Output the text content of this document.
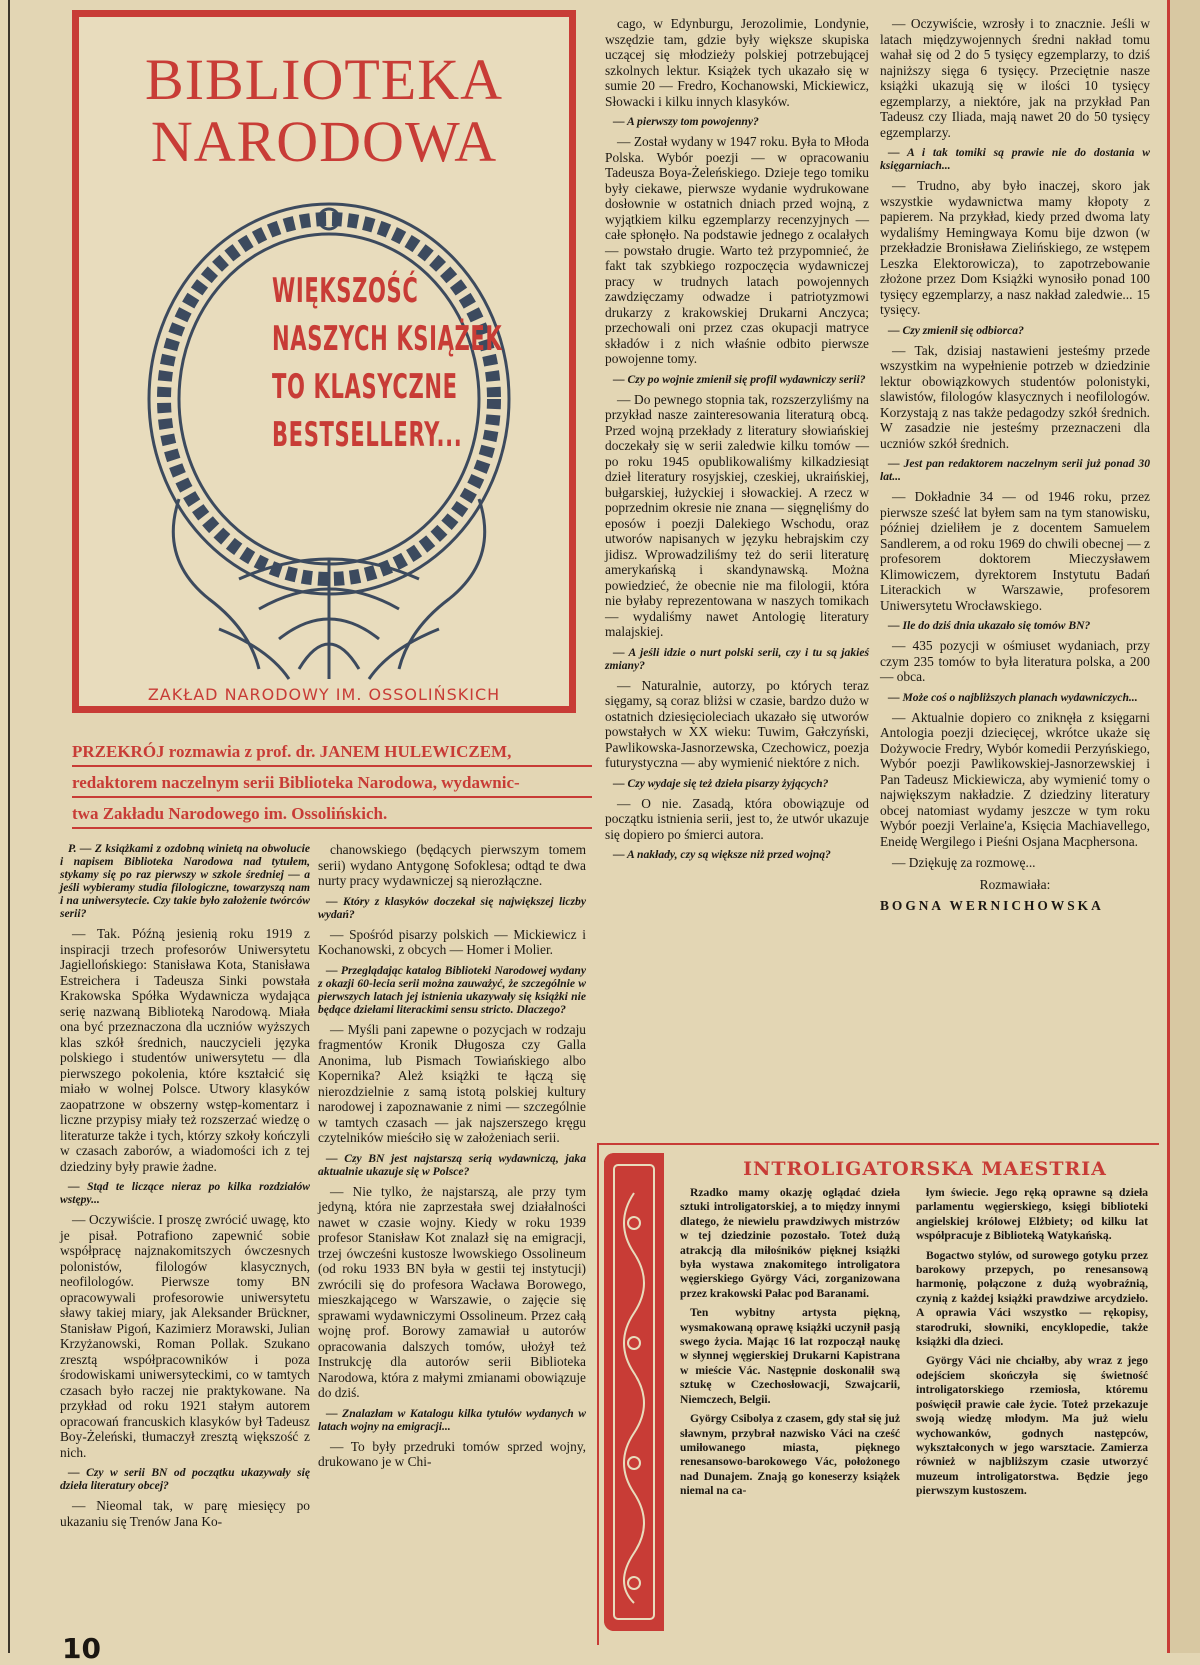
BIBLIOTEKA
NARODOWA
WIĘKSZOŚĆ
NASZYCH KSIĄŻEK
TO KLASYCZNE
BESTSELLERY...
ZAKŁAD NARODOWY IM. OSSOLIŃSKICH
PRZEKRÓJ rozmawia z prof. dr. JANEM HULEWICZEM,
redaktorem naczelnym serii Biblioteka Narodowa, wydawnic-
twa Zakładu Narodowego im. Ossolińskich.

P. — Z książkami z ozdobną winietą na obwolucie i napisem Biblioteka Narodowa nad tytułem, stykamy się po raz pierwszy w szkole średniej — a jeśli wybieramy studia filologiczne, towarzyszą nam i na uniwersytecie. Czy takie było założenie twórców serii?

— Tak. Późną jesienią roku 1919 z inspiracji trzech profesorów Uniwersytetu Jagiellońskiego: Stanisława Kota, Stanisława Estreichera i Tadeusza Sinki powstała Krakowska Spółka Wydawnicza wydająca serię nazwaną Biblioteką Narodową. Miała ona być przeznaczona dla uczniów wyższych klas szkół średnich, nauczycieli języka polskiego i studentów uniwersytetu — dla pierwszego pokolenia, które kształcić się miało w wolnej Polsce. Utwory klasyków zaopatrzone w obszerny wstęp-komentarz i liczne przypisy miały też rozszerzać wiedzę o literaturze także i tych, którzy szkoły kończyli w czasach zaborów, a wiadomości ich z tej dziedziny były prawie żadne.

— Stąd te liczące nieraz po kilka rozdziałów wstępy...

— Oczywiście. I proszę zwrócić uwagę, kto je pisał. Potrafiono zapewnić sobie współpracę najznakomitszych ówczesnych polonistów, filologów klasycznych, neofilologów. Pierwsze tomy BN opracowywali profesorowie uniwersytetu sławy takiej miary, jak Aleksander Brückner, Stanisław Pigoń, Kazimierz Morawski, Julian Krzyżanowski, Roman Pollak. Szukano zresztą współpracowników i poza środowiskami uniwersyteckimi, co w tamtych czasach było raczej nie praktykowane. Na przykład od roku 1921 stałym autorem opracowań francuskich klasyków był Tadeusz Boy-Żeleński, tłumaczył zresztą większość z nich.

— Czy w serii BN od początku ukazywały się dzieła literatury obcej?

— Nieomal tak, w parę miesięcy po ukazaniu się Trenów Jana Ko-

chanowskiego (będących pierwszym tomem serii) wydano Antygonę Sofoklesa; odtąd te dwa nurty pracy wydawniczej są nierozłączne.

— Który z klasyków doczekał się największej liczby wydań?

— Spośród pisarzy polskich — Mickiewicz i Kochanowski, z obcych — Homer i Molier.

— Przeglądając katalog Biblioteki Narodowej wydany z okazji 60-lecia serii można zauważyć, że szczególnie w pierwszych latach jej istnienia ukazywały się książki nie będące dziełami literackimi sensu stricto. Dlaczego?

— Myśli pani zapewne o pozycjach w rodzaju fragmentów Kronik Długosza czy Galla Anonima, lub Pismach Towiańskiego albo Kopernika? Ależ książki te łączą się nierozdzielnie z samą istotą polskiej kultury narodowej i zapoznawanie z nimi — szczególnie w tamtych czasach — jak najszerszego kręgu czytelników mieściło się w założeniach serii.

— Czy BN jest najstarszą serią wydawniczą, jaka aktualnie ukazuje się w Polsce?

— Nie tylko, że najstarszą, ale przy tym jedyną, która nie zaprzestała swej działalności nawet w czasie wojny. Kiedy w roku 1939 profesor Stanisław Kot znalazł się na emigracji, trzej ówcześni kustosze lwowskiego Ossolineum (od roku 1933 BN była w gestii tej instytucji) zwrócili się do profesora Wacława Borowego, mieszkającego w Warszawie, o zajęcie się sprawami wydawniczymi Ossolineum. Przez całą wojnę prof. Borowy zamawiał u autorów opracowania dalszych tomów, ułożył też Instrukcję dla autorów serii Biblioteka Narodowa, która z małymi zmianami obowiązuje do dziś.

— Znalazłam w Katalogu kilka tytułów wydanych w latach wojny na emigracji...

— To były przedruki tomów sprzed wojny, drukowano je w Chi-

cago, w Edynburgu, Jerozolimie, Londynie, wszędzie tam, gdzie były większe skupiska uczącej się młodzieży polskiej potrzebującej szkolnych lektur. Książek tych ukazało się w sumie 20 — Fredro, Kochanowski, Mickiewicz, Słowacki i kilku innych klasyków.

— A pierwszy tom powojenny?

— Został wydany w 1947 roku. Była to Młoda Polska. Wybór poezji — w opracowaniu Tadeusza Boya-Żeleńskiego. Dzieje tego tomiku były ciekawe, pierwsze wydanie wydrukowane dosłownie w ostatnich dniach przed wojną, z wyjątkiem kilku egzemplarzy recenzyjnych — całe spłonęło. Na podstawie jednego z ocalałych — powstało drugie. Warto też przypomnieć, że fakt tak szybkiego rozpoczęcia wydawniczej pracy w trudnych latach powojennych zawdzięczamy odwadze i patriotyzmowi drukarzy z krakowskiej Drukarni Anczyca; przechowali oni przez czas okupacji matryce składów i z nich właśnie odbito pierwsze powojenne tomy.

— Czy po wojnie zmienił się profil wydawniczy serii?

— Do pewnego stopnia tak, rozszerzyliśmy na przykład nasze zainteresowania literaturą obcą. Przed wojną przekłady z literatury słowiańskiej doczekały się w serii zaledwie kilku tomów — po roku 1945 opublikowaliśmy kilkadziesiąt dzieł literatury rosyjskiej, czeskiej, ukraińskiej, bułgarskiej, łużyckiej i słowackiej. A rzecz w poprzednim okresie nie znana — sięgnęliśmy do eposów i poezji Dalekiego Wschodu, oraz utworów napisanych w języku hebrajskim czy jidisz. Wprowadziliśmy też do serii literaturę amerykańską i skandynawską. Można powiedzieć, że obecnie nie ma filologii, która nie byłaby reprezentowana w naszych tomikach — wydaliśmy nawet Antologię literatury malajskiej.

— A jeśli idzie o nurt polski serii, czy i tu są jakieś zmiany?

— Naturalnie, autorzy, po których teraz sięgamy, są coraz bliżsi w czasie, bardzo dużo w ostatnich dziesięcioleciach ukazało się utworów powstałych w XX wieku: Tuwim, Gałczyński, Pawlikowska-Jasnorzewska, Czechowicz, poezja futurystyczna — aby wymienić niektóre z nich.

— Czy wydaje się też dzieła pisarzy żyjących?

— O nie. Zasadą, która obowiązuje od początku istnienia serii, jest to, że utwór ukazuje się dopiero po śmierci autora.

— A nakłady, czy są większe niż przed wojną?

— Oczywiście, wzrosły i to znacznie. Jeśli w latach międzywojennych średni nakład tomu wahał się od 2 do 5 tysięcy egzemplarzy, to dziś najniższy sięga 6 tysięcy. Przeciętnie nasze książki ukazują się w ilości 10 tysięcy egzemplarzy, a niektóre, jak na przykład Pan Tadeusz czy Iliada, mają nawet 20 do 50 tysięcy egzemplarzy.

— A i tak tomiki są prawie nie do dostania w księgarniach...

— Trudno, aby było inaczej, skoro jak wszystkie wydawnictwa mamy kłopoty z papierem. Na przykład, kiedy przed dwoma laty wydaliśmy Hemingwaya Komu bije dzwon (w przekładzie Bronisława Zielińskiego, ze wstępem Leszka Elektorowicza), to zapotrzebowanie złożone przez Dom Książki wynosiło ponad 100 tysięcy egzemplarzy, a nasz nakład zaledwie... 15 tysięcy.

— Czy zmienił się odbiorca?

— Tak, dzisiaj nastawieni jesteśmy przede wszystkim na wypełnienie potrzeb w dziedzinie lektur obowiązkowych studentów polonistyki, slawistów, filologów klasycznych i neofilologów. Korzystają z nas także pedagodzy szkół średnich. W zasadzie nie jesteśmy przeznaczeni dla uczniów szkół średnich.

— Jest pan redaktorem naczelnym serii już ponad 30 lat...

— Dokładnie 34 — od 1946 roku, przez pierwsze sześć lat byłem sam na tym stanowisku, później dzieliłem je z docentem Samuelem Sandlerem, a od roku 1969 do chwili obecnej — z profesorem doktorem Mieczysławem Klimowiczem, dyrektorem Instytutu Badań Literackich w Warszawie, profesorem Uniwersytetu Wrocławskiego.

— Ile do dziś dnia ukazało się tomów BN?

— 435 pozycji w ośmiuset wydaniach, przy czym 235 tomów to była literatura polska, a 200 — obca.

— Może coś o najbliższych planach wydawniczych...

— Aktualnie dopiero co zniknęła z księgarni Antologia poezji dziecięcej, wkrótce ukaże się Dożywocie Fredry, Wybór komedii Perzyńskiego, Wybór poezji Pawlikowskiej-Jasnorzewskiej i Pan Tadeusz Mickiewicza, aby wymienić tomy o największym nakładzie. Z dziedziny literatury obcej natomiast wydamy jeszcze w tym roku Wybór poezji Verlaine'a, Księcia Machiavellego, Eneidę Wergilego i Pieśni Osjana Macphersona.

— Dziękuję za rozmowę...

Rozmawiała:

BOGNA WERNICHOWSKA

INTROLIGATORSKA MAESTRIA

Rzadko mamy okazję oglądać dzieła sztuki introligatorskiej, a to między innymi dlatego, że niewielu prawdziwych mistrzów w tej dziedzinie pozostało. Toteż dużą atrakcją dla miłośników pięknej książki była wystawa znakomitego introligatora węgierskiego György Váci, zorganizowana przez krakowski Pałac pod Baranami.

Ten wybitny artysta piękną, wysmakowaną oprawę książki uczynił pasją swego życia. Mając 16 lat rozpoczął naukę w słynnej węgierskiej Drukarni Kapistrana w mieście Vác. Następnie doskonalił swą sztukę w Czechosłowacji, Szwajcarii, Niemczech, Belgii.

György Csibolya z czasem, gdy stał się już sławnym, przybrał nazwisko Váci na cześć umiłowanego miasta, pięknego renesansowo-barokowego Vác, położonego nad Dunajem. Znają go koneserzy książek niemal na ca-

łym świecie. Jego ręką oprawne są dzieła parlamentu węgierskiego, księgi biblioteki angielskiej królowej Elżbiety; od kilku lat współpracuje z Biblioteką Watykańską.

Bogactwo stylów, od surowego gotyku przez barokowy przepych, po renesansową harmonię, połączone z dużą wyobraźnią, czynią z każdej książki prawdziwe arcydzieło. A oprawia Váci wszystko — rękopisy, starodruki, słowniki, encyklopedie, także książki dla dzieci.

György Váci nie chciałby, aby wraz z jego odejściem skończyła się świetność introligatorskiego rzemiosła, któremu poświęcił prawie całe życie. Toteż przekazuje swoją wiedzę młodym. Ma już wielu wychowanków, godnych następców, wykształconych w jego warsztacie. Zamierza również w najbliższym czasie utworzyć muzeum introligatorstwa. Będzie jego pierwszym kustoszem.

10
